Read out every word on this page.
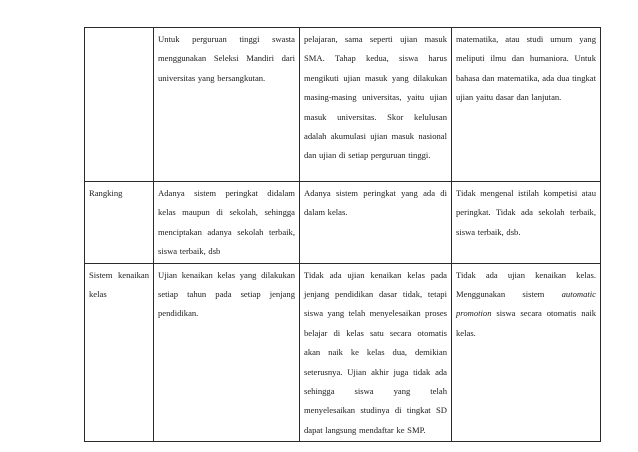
	Untuk perguruan tinggi swasta menggunakan Seleksi Mandiri dari universitas yang bersangkutan.	pelajaran, sama seperti ujian masuk SMA. Tahap kedua, siswa harus mengikuti ujian masuk yang dilakukan masing-masing universitas, yaitu ujian masuk universitas. Skor kelulusan adalah akumulasi ujian masuk nasional dan ujian di setiap perguruan tinggi.	matematika, atau studi umum yang meliputi ilmu dan humaniora. Untuk bahasa dan matematika, ada dua tingkat ujian yaitu dasar dan lanjutan.
Rangking	Adanya sistem peringkat didalam kelas maupun di sekolah, sehingga menciptakan adanya sekolah terbaik, siswa terbaik, dsb	Adanya sistem peringkat yang ada di dalam kelas.	Tidak mengenal istilah kompetisi atau peringkat. Tidak ada sekolah terbaik, siswa terbaik, dsb.
Sistem kenaikan kelas	Ujian kenaikan kelas yang dilakukan setiap tahun pada setiap jenjang pendidikan.	Tidak ada ujian kenaikan kelas pada jenjang pendidikan dasar tidak, tetapi siswa yang telah menyelesaikan proses belajar di kelas satu secara otomatis akan naik ke kelas dua, demikian seterusnya. Ujian akhir juga tidak ada sehingga siswa yang telah menyelesaikan studinya di tingkat SD dapat langsung mendaftar ke SMP.	Tidak ada ujian kenaikan kelas. Menggunakan sistem automatic promotion siswa secara otomatis naik kelas.
